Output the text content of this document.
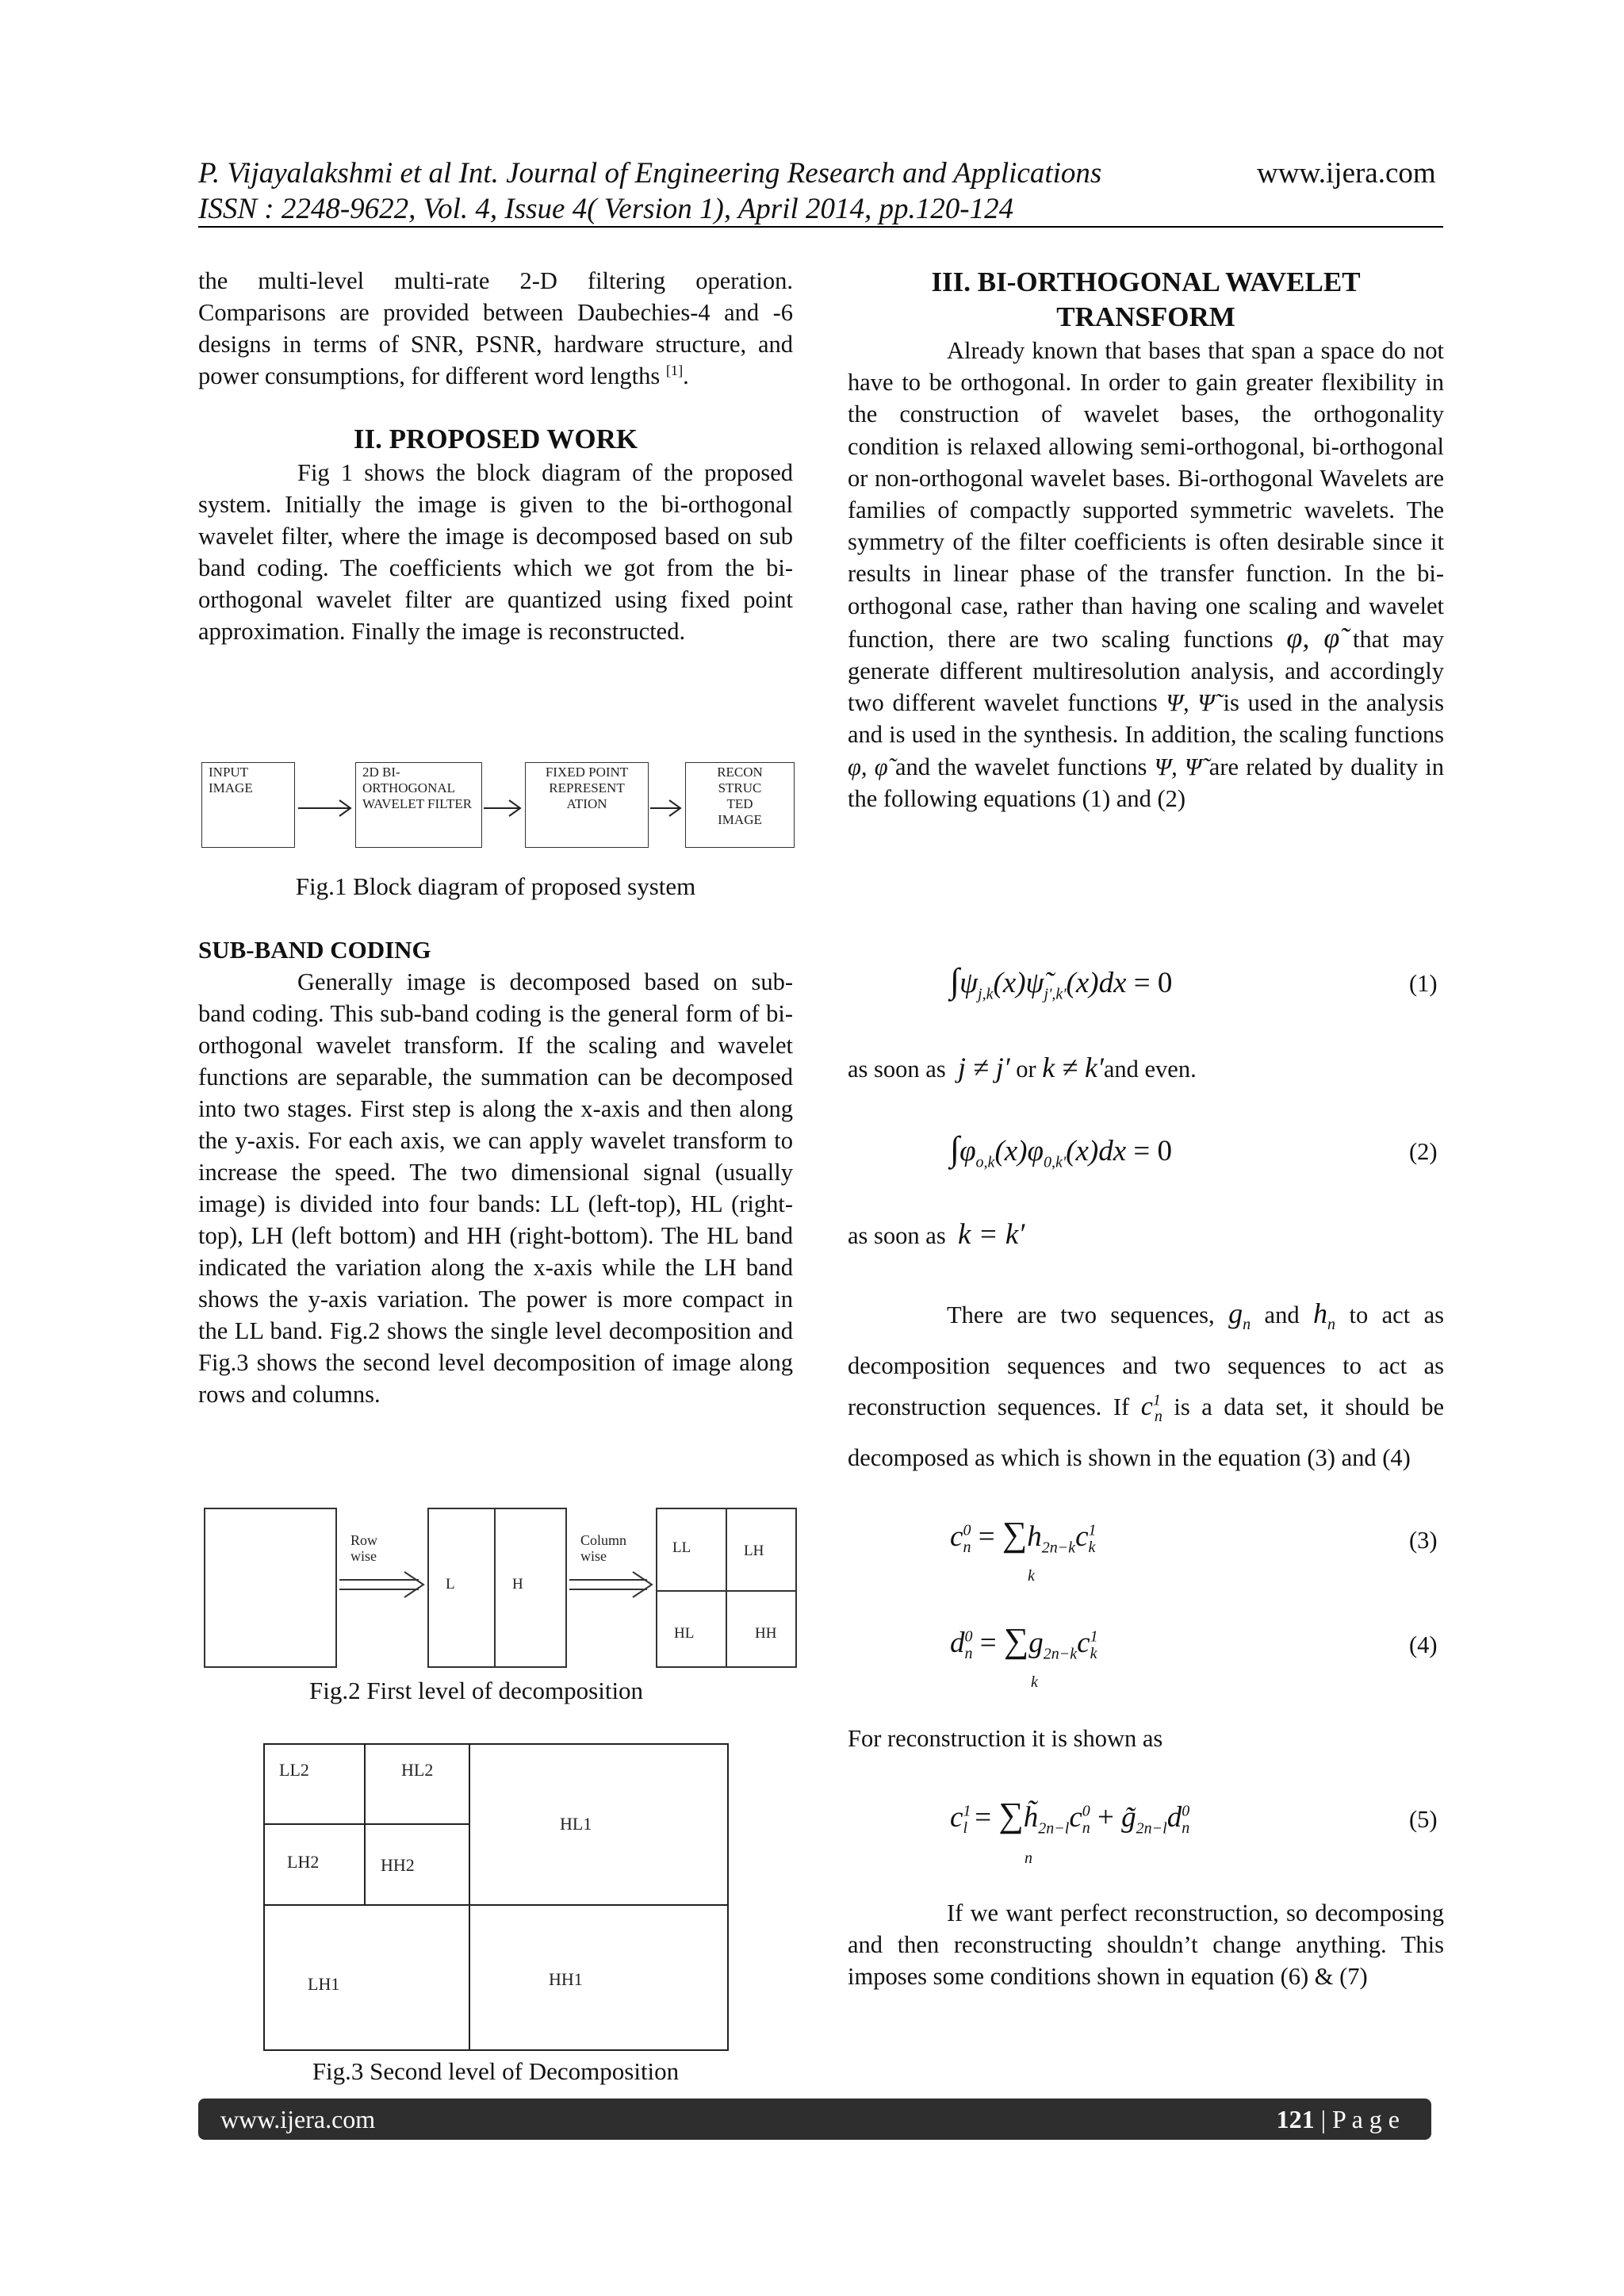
P. Vijayalakshmi et al Int. Journal of Engineering Research and Applications	www.ijera.com
ISSN : 2248-9622, Vol. 4, Issue 4( Version 1), April 2014, pp.120-124

the multi-level multi-rate 2-D filtering operation. Comparisons are provided between Daubechies-4 and -6 designs in terms of SNR, PSNR, hardware structure, and power consumptions, for different word lengths [1].

II. PROPOSED WORK

Fig 1 shows the block diagram of the proposed system. Initially the image is given to the bi-orthogonal wavelet filter, where the image is decomposed based on sub band coding. The coefficients which we got from the bi-orthogonal wavelet filter are quantized using fixed point approximation. Finally the image is reconstructed.

INPUT IMAGE
2D BI-ORTHOGONAL WAVELET FILTER
FIXED POINT REPRESENT ATION
RECON STRUC TED IMAGE
Fig.1 Block diagram of proposed system

SUB-BAND CODING

Generally image is decomposed based on sub-band coding. This sub-band coding is the general form of bi-orthogonal wavelet transform. If the scaling and wavelet functions are separable, the summation can be decomposed into two stages. First step is along the x-axis and then along the y-axis. For each axis, we can apply wavelet transform to increase the speed. The two dimensional signal (usually image) is divided into four bands: LL (left-top), HL (right-top), LH (left bottom) and HH (right-bottom). The HL band indicated the variation along the x-axis while the LH band shows the y-axis variation. The power is more compact in the LL band. Fig.2 shows the single level decomposition and Fig.3 shows the second level decomposition of image along rows and columns.

Row wise
Column wise
L	H
LL	LH
HL	HH
Fig.2 First level of decomposition
LL2	HL2
LH2	HH2
HL1
LH1	HH1
Fig.3 Second level of Decomposition

III. BI-ORTHOGONAL WAVELET TRANSFORM

Already known that bases that span a space do not have to be orthogonal. In order to gain greater flexibility in the construction of wavelet bases, the orthogonality condition is relaxed allowing semi-orthogonal, bi-orthogonal or non-orthogonal wavelet bases. Bi-orthogonal Wavelets are families of compactly supported symmetric wavelets. The symmetry of the filter coefficients is often desirable since it results in linear phase of the transfer function. In the bi-orthogonal case, rather than having one scaling and wavelet function, there are two scaling functions φ, φ̃ that may generate different multiresolution analysis, and accordingly two different wavelet functions Ψ, Ψ̃ is used in the analysis and is used in the synthesis. In addition, the scaling functions φ, φ̃ and the wavelet functions Ψ, Ψ̃ are related by duality in the following equations (1) and (2)

$\int\psi_{j,k}(x)\psĩ_{j',k'}(x)dx = 0$	(1)
as soon as j ≠ j′ or k ≠ k′and even.
$\int\varphi_{o,k}(x)\varphi_{0,k'}(x)dx = 0$	(2)
as soon as k = k′

There are two sequences, $g_n$ and $h_n$ to act as decomposition sequences and two sequences to act as reconstruction sequences. If $c^1_n$ is a data set, it should be decomposed as which is shown in the equation (3) and (4)

$c^0_n = \sum h_{2n-k}c^1_k$
k
(3)
$d^0_n = \sum g_{2n-k}c^1_k$
k
(4)
For reconstruction it is shown as
$c^1_l$ = $\sum h̃_{2n-l}c^0_n$ + $g̃_{2n-l}d^0_n$
n
(5)

If we want perfect reconstruction, so decomposing and then reconstructing shouldn’t change anything. This imposes some conditions shown in equation (6) & (7)

www.ijera.com	121 | P a g e
